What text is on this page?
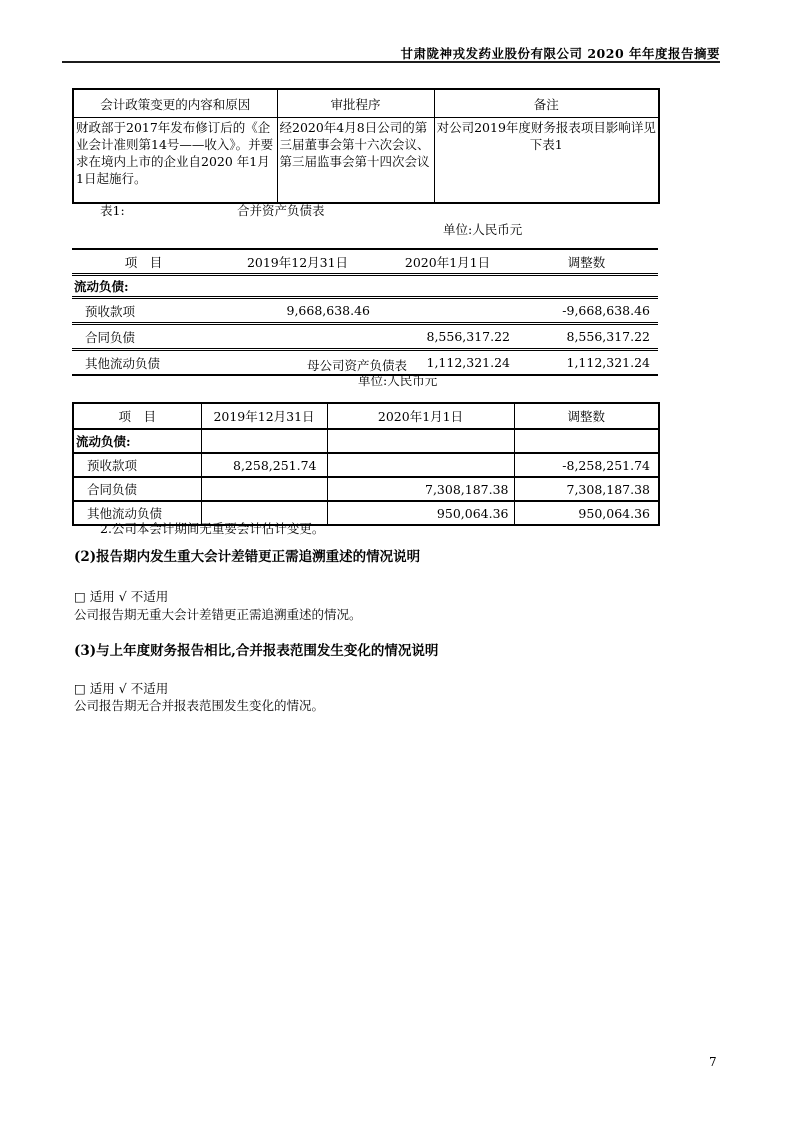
甘肃陇神戎发药业股份有限公司 2020 年年度报告摘要
会计政策变更的内容和原因	审批程序	备注
财政部于2017年发布修订后的《企业会计准则第14号——收入》。并要求在境内上市的企业自2020 年1月1日起施行。	经2020年4月8日公司的第三届董事会第十六次会议、第三届监事会第十四次会议	对公司2019年度财务报表项目影响详见下表1
表1:	合并资产负债表
单位:人民币元
项　目	2019年12月31日	2020年1月1日	调整数
流动负债:			
预收款项	9,668,638.46		-9,668,638.46
合同负债		8,556,317.22	8,556,317.22
其他流动负债		1,112,321.24	1,112,321.24
母公司资产负债表
单位:人民币元
项　目	2019年12月31日	2020年1月1日	调整数
流动负债:			
预收款项	8,258,251.74		-8,258,251.74
合同负债		7,308,187.38	7,308,187.38
其他流动负债		950,064.36	950,064.36
2.公司本会计期间无重要会计估计变更。
(2)报告期内发生重大会计差错更正需追溯重述的情况说明
□ 适用 √ 不适用
公司报告期无重大会计差错更正需追溯重述的情况。
(3)与上年度财务报告相比,合并报表范围发生变化的情况说明
□ 适用 √ 不适用
公司报告期无合并报表范围发生变化的情况。
7
